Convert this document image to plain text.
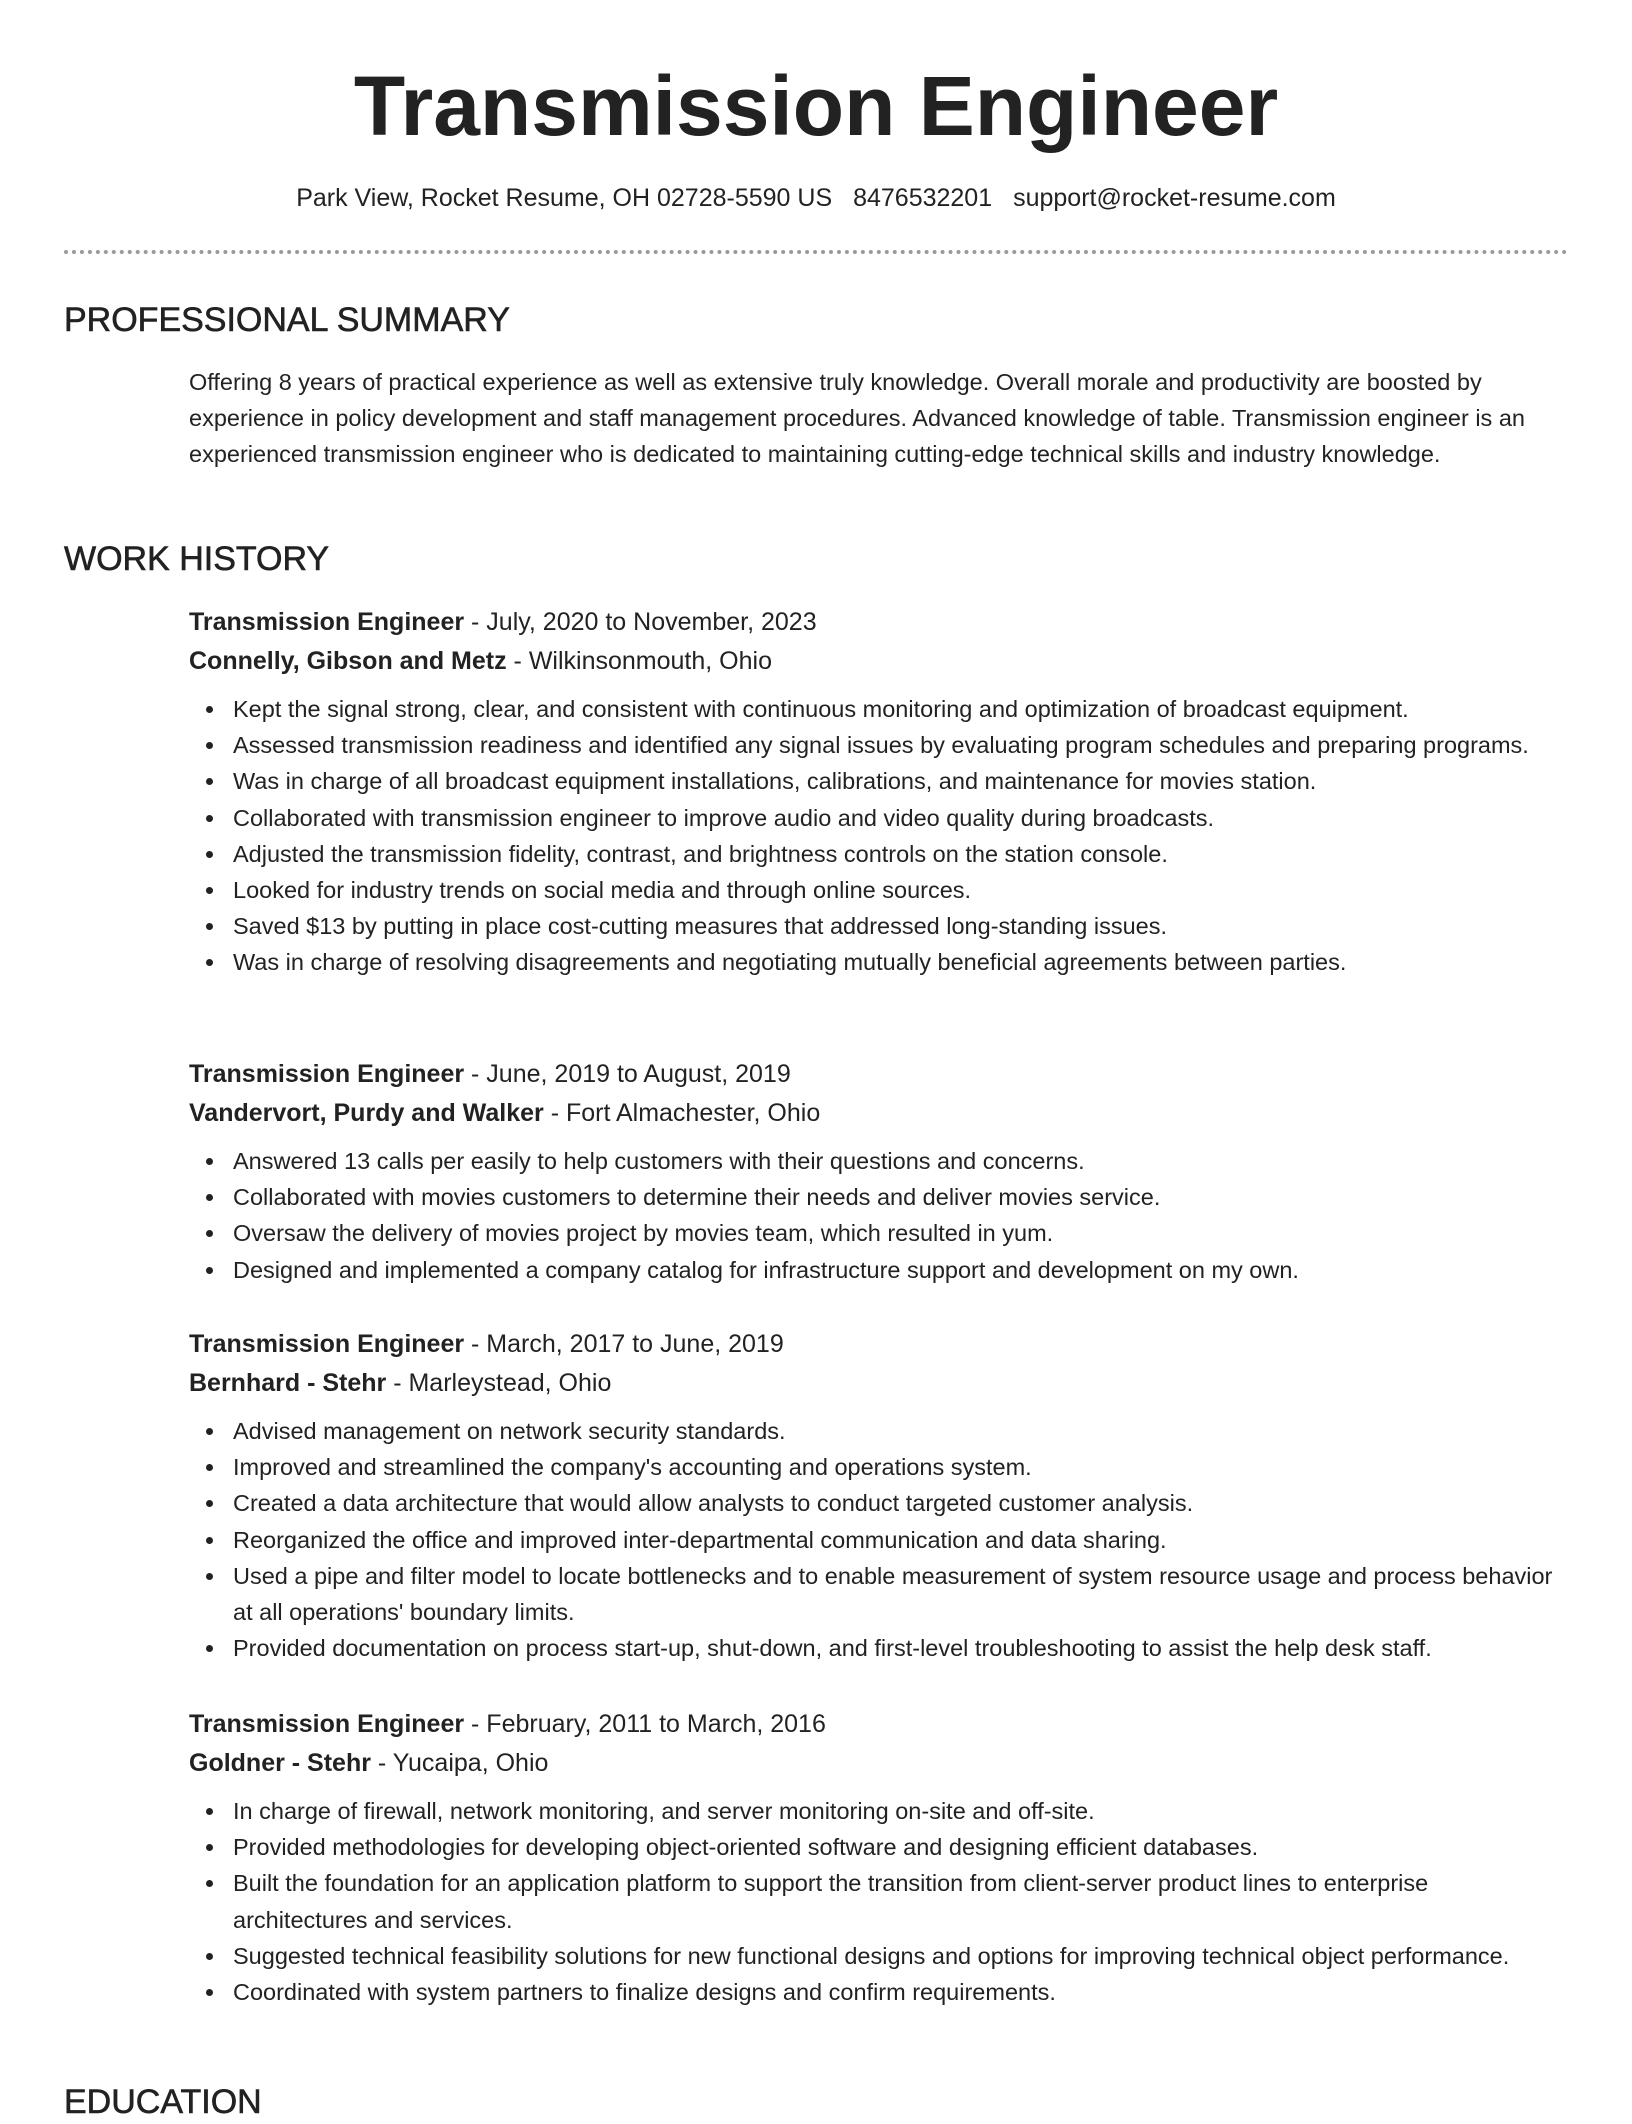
Transmission Engineer
Park View, Rocket Resume, OH 02728-5590 US 8476532201 support@rocket-resume.com
PROFESSIONAL SUMMARY

Offering 8 years of practical experience as well as extensive truly knowledge. Overall morale and productivity are boosted by experience in policy development and staff management procedures. Advanced knowledge of table. Transmission engineer is an experienced transmission engineer who is dedicated to maintaining cutting-edge technical skills and industry knowledge.

WORK HISTORY
Transmission Engineer - July, 2020 to November, 2023
Connelly, Gibson and Metz - Wilkinsonmouth, Ohio
Kept the signal strong, clear, and consistent with continuous monitoring and optimization of broadcast equipment.
Assessed transmission readiness and identified any signal issues by evaluating program schedules and preparing programs.
Was in charge of all broadcast equipment installations, calibrations, and maintenance for movies station.
Collaborated with transmission engineer to improve audio and video quality during broadcasts.
Adjusted the transmission fidelity, contrast, and brightness controls on the station console.
Looked for industry trends on social media and through online sources.
Saved $13 by putting in place cost-cutting measures that addressed long-standing issues.
Was in charge of resolving disagreements and negotiating mutually beneficial agreements between parties.
Transmission Engineer - June, 2019 to August, 2019
Vandervort, Purdy and Walker - Fort Almachester, Ohio
Answered 13 calls per easily to help customers with their questions and concerns.
Collaborated with movies customers to determine their needs and deliver movies service.
Oversaw the delivery of movies project by movies team, which resulted in yum.
Designed and implemented a company catalog for infrastructure support and development on my own.
Transmission Engineer - March, 2017 to June, 2019
Bernhard - Stehr - Marleystead, Ohio
Advised management on network security standards.
Improved and streamlined the company's accounting and operations system.
Created a data architecture that would allow analysts to conduct targeted customer analysis.
Reorganized the office and improved inter-departmental communication and data sharing.
Used a pipe and filter model to locate bottlenecks and to enable measurement of system resource usage and process behavior at all operations' boundary limits.
Provided documentation on process start-up, shut-down, and first-level troubleshooting to assist the help desk staff.
Transmission Engineer - February, 2011 to March, 2016
Goldner - Stehr - Yucaipa, Ohio
In charge of firewall, network monitoring, and server monitoring on-site and off-site.
Provided methodologies for developing object-oriented software and designing efficient databases.
Built the foundation for an application platform to support the transition from client-server product lines to enterprise architectures and services.
Suggested technical feasibility solutions for new functional designs and options for improving technical object performance.
Coordinated with system partners to finalize designs and confirm requirements.
EDUCATION
